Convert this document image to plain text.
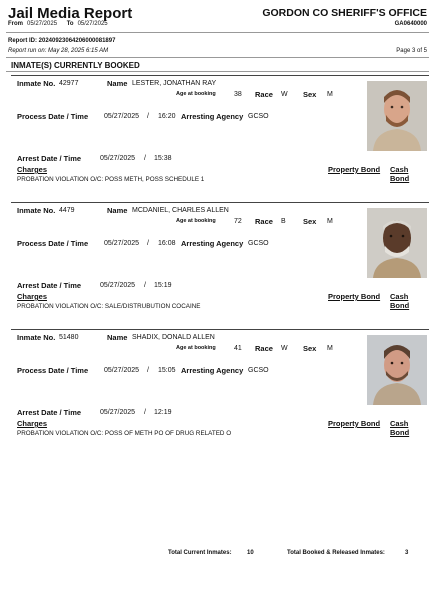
Jail Media Report	GORDON CO SHERIFF'S OFFICE
From 05/27/2025 To 05/27/2025	GA0640000
Report ID: 20240923064206000081897
Report run on: May 28, 2025 6:15 AM	Page 3 of 5
INMATE(S) CURRENTLY BOOKED
Inmate No. 42977	Name LESTER, JONATHAN RAY
Age at booking	38 Race W Sex M
Process Date / Time 05/27/2025 / 16:20 Arresting Agency GCSO
Arrest Date / Time	05/27/2025 / 15:38
Charges	Property Bond Cash Bond
PROBATION VIOLATION O/C: POSS METH, POSS SCHEDULE 1
Inmate No. 4479	Name MCDANIEL, CHARLES ALLEN
Age at booking	72 Race B Sex M
Process Date / Time 05/27/2025 / 16:08 Arresting Agency GCSO
Arrest Date / Time	05/27/2025 / 15:19
Charges	Property Bond Cash Bond
PROBATION VIOLATION O/C: SALE/DISTRUBUTION COCAINE
Inmate No. 51480	Name SHADIX, DONALD ALLEN
Age at booking	41 Race W Sex M
Process Date / Time 05/27/2025 / 15:05 Arresting Agency GCSO
Arrest Date / Time	05/27/2025 / 12:19
Charges	Property Bond Cash Bond
PROBATION VIOLATION O/C: POSS OF METH PO OF DRUG RELATED O
Total Current Inmates:	10	Total Booked & Released Inmates:	3
